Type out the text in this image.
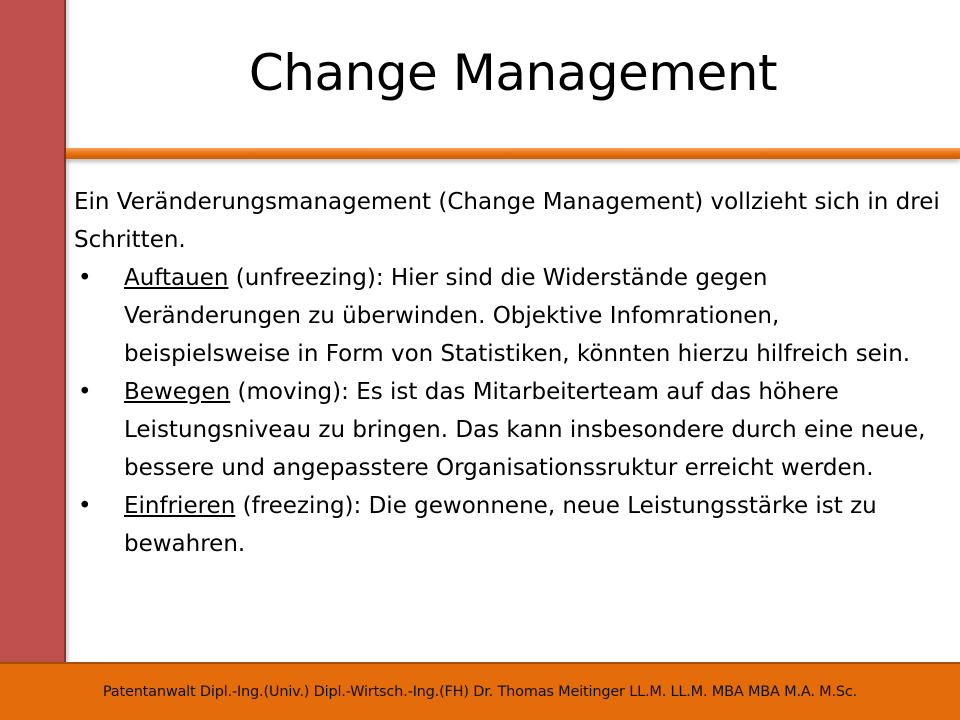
Change Management

Ein Veränderungsmanagement (Change Management) vollzieht sich in drei Schritten.

• Auftauen (unfreezing): Hier sind die Widerstände gegen Veränderungen zu überwinden. Objektive Infomrationen, beispielsweise in Form von Statistiken, könnten hierzu hilfreich sein.
• Bewegen (moving): Es ist das Mitarbeiterteam auf das höhere Leistungsniveau zu bringen. Das kann insbesondere durch eine neue, bessere und angepasstere Organisationssruktur erreicht werden.
• Einfrieren (freezing): Die gewonnene, neue Leistungsstärke ist zu bewahren.
Patentanwalt Dipl.-Ing.(Univ.) Dipl.-Wirtsch.-Ing.(FH) Dr. Thomas Meitinger LL.M. LL.M. MBA MBA M.A. M.Sc.
